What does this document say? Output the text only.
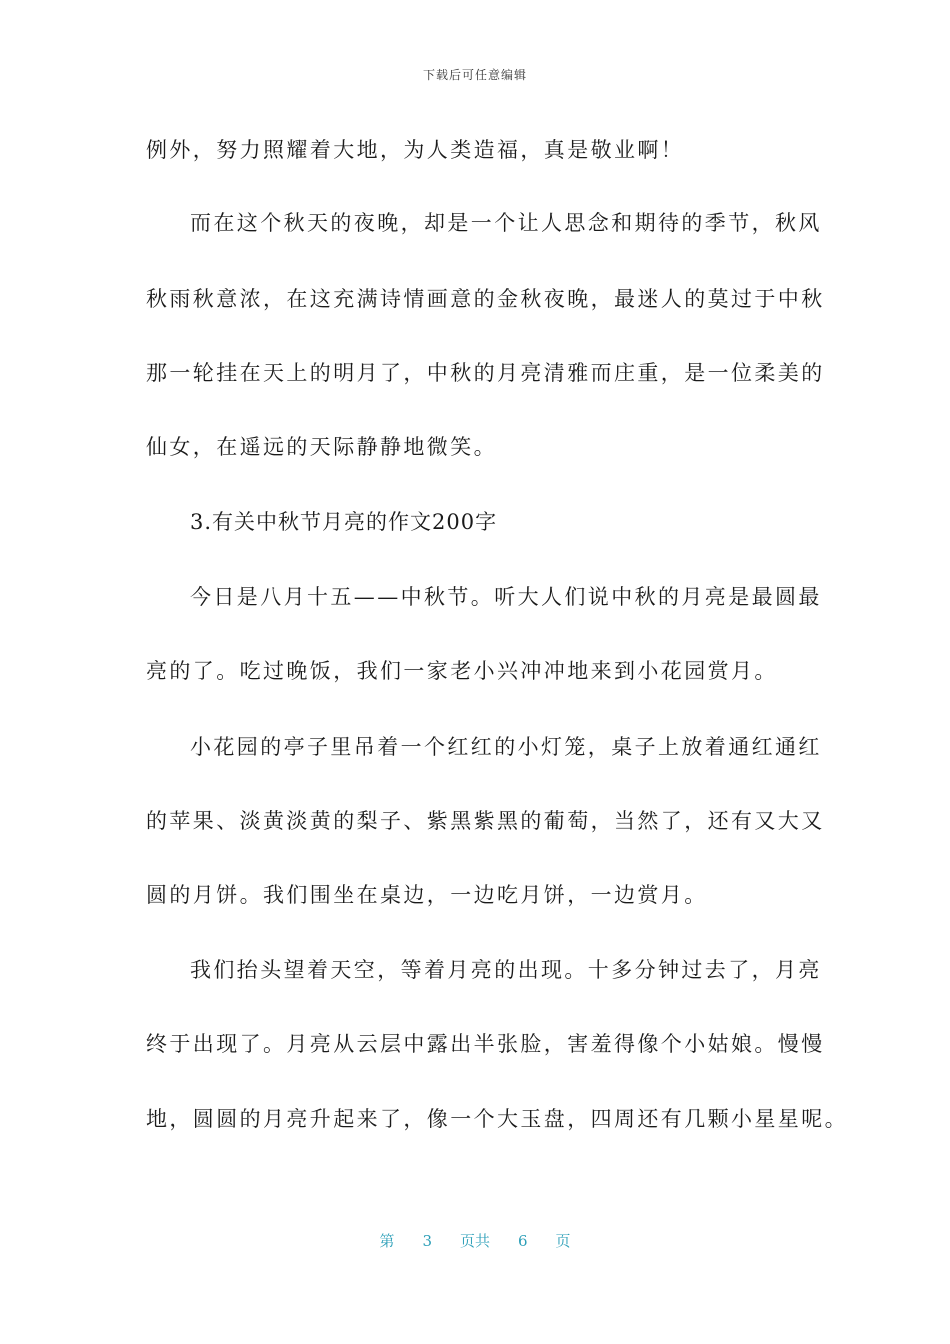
下载后可任意编辑
例外，努力照耀着大地，为人类造福，真是敬业啊！
而在这个秋天的夜晚，却是一个让人思念和期待的季节，秋风
秋雨秋意浓，在这充满诗情画意的金秋夜晚，最迷人的莫过于中秋
那一轮挂在天上的明月了，中秋的月亮清雅而庄重，是一位柔美的
仙女，在遥远的天际静静地微笑。
3.有关中秋节月亮的作文200字
今日是八月十五——中秋节。听大人们说中秋的月亮是最圆最
亮的了。吃过晚饭，我们一家老小兴冲冲地来到小花园赏月。
小花园的亭子里吊着一个红红的小灯笼，桌子上放着通红通红
的苹果、淡黄淡黄的梨子、紫黑紫黑的葡萄，当然了，还有又大又
圆的月饼。我们围坐在桌边，一边吃月饼，一边赏月。
我们抬头望着天空，等着月亮的出现。十多分钟过去了，月亮
终于出现了。月亮从云层中露出半张脸，害羞得像个小姑娘。慢慢
地，圆圆的月亮升起来了，像一个大玉盘，四周还有几颗小星星呢。
第 3 页共 6 页
